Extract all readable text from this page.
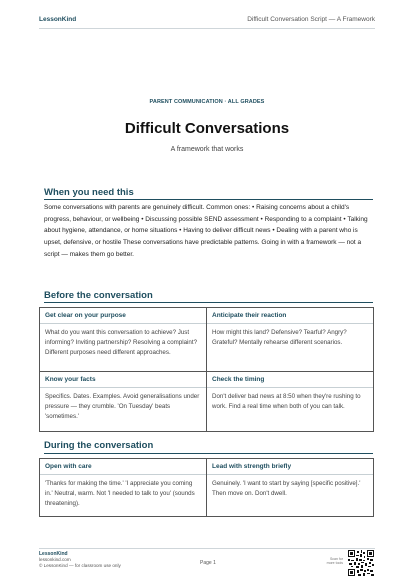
LessonKind	Difficult Conversation Script — A Framework
PARENT COMMUNICATION · ALL GRADES
Difficult Conversations
A framework that works
When you need this
Some conversations with parents are genuinely difficult. Common ones: • Raising concerns about a child's progress, behaviour, or wellbeing • Discussing possible SEND assessment • Responding to a complaint • Talking about hygiene, attendance, or home situations • Having to deliver difficult news • Dealing with a parent who is upset, defensive, or hostile These conversations have predictable patterns. Going in with a framework — not a script — makes them go better.
Before the conversation
Get clear on your purpose
What do you want this conversation to achieve? Just informing? Inviting partnership? Resolving a complaint? Different purposes need different approaches.
Anticipate their reaction
How might this land? Defensive? Tearful? Angry? Grateful? Mentally rehearse different scenarios.
Know your facts
Specifics. Dates. Examples. Avoid generalisations under pressure — they crumble. 'On Tuesday' beats 'sometimes.'
Check the timing
Don't deliver bad news at 8:50 when they're rushing to work. Find a real time when both of you can talk.
During the conversation
Open with care
'Thanks for making the time.' 'I appreciate you coming in.' Neutral, warm. Not 'I needed to talk to you' (sounds threatening).
Lead with strength briefly
Genuinely. 'I want to start by saying [specific positive].' Then move on. Don't dwell.
LessonKind
lessonkind.com
© LessonKind — for classroom use only	Page 1
Scan for
more tools
